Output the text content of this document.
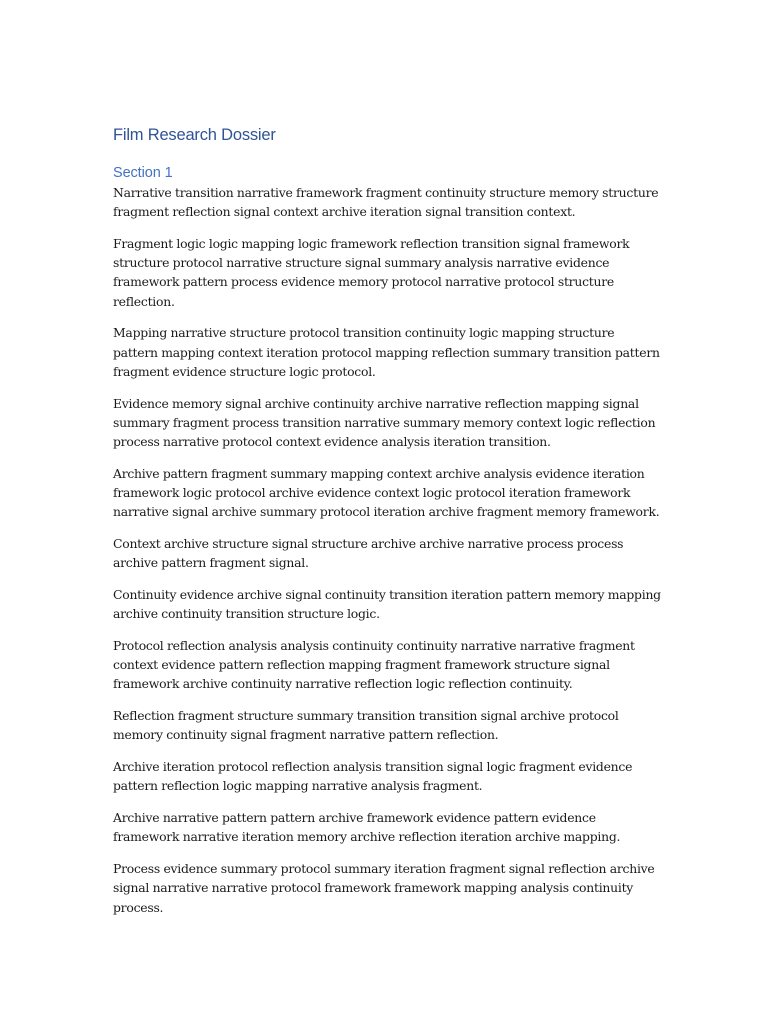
Film Research Dossier
Section 1

Narrative transition narrative framework fragment continuity structure memory structure fragment reflection signal context archive iteration signal transition context.

Fragment logic logic mapping logic framework reflection transition signal framework structure protocol narrative structure signal summary analysis narrative evidence framework pattern process evidence memory protocol narrative protocol structure reflection.

Mapping narrative structure protocol transition continuity logic mapping structure pattern mapping context iteration protocol mapping reflection summary transition pattern fragment evidence structure logic protocol.

Evidence memory signal archive continuity archive narrative reflection mapping signal summary fragment process transition narrative summary memory context logic reflection process narrative protocol context evidence analysis iteration transition.

Archive pattern fragment summary mapping context archive analysis evidence iteration framework logic protocol archive evidence context logic protocol iteration framework narrative signal archive summary protocol iteration archive fragment memory framework.

Context archive structure signal structure archive archive narrative process process archive pattern fragment signal.

Continuity evidence archive signal continuity transition iteration pattern memory mapping archive continuity transition structure logic.

Protocol reflection analysis analysis continuity continuity narrative narrative fragment context evidence pattern reflection mapping fragment framework structure signal framework archive continuity narrative reflection logic reflection continuity.

Reflection fragment structure summary transition transition signal archive protocol memory continuity signal fragment narrative pattern reflection.

Archive iteration protocol reflection analysis transition signal logic fragment evidence pattern reflection logic mapping narrative analysis fragment.

Archive narrative pattern pattern archive framework evidence pattern evidence framework narrative iteration memory archive reflection iteration archive mapping.

Process evidence summary protocol summary iteration fragment signal reflection archive signal narrative narrative protocol framework framework mapping analysis continuity process.
